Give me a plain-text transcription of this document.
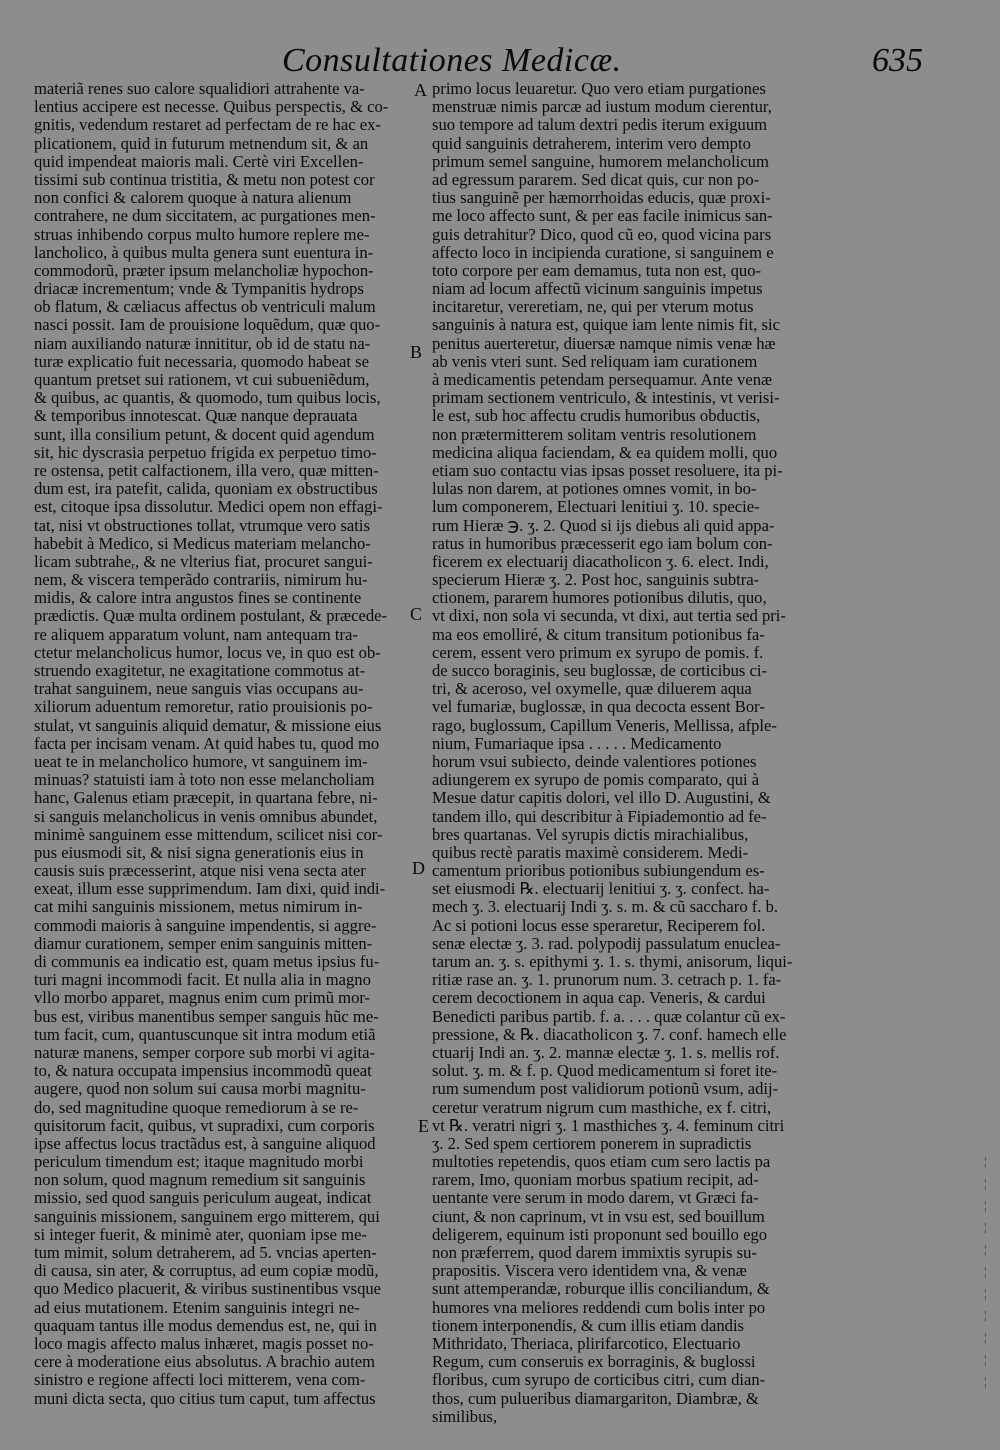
Consultationes Medicæ.	635
A
B
C
D
E
materiã renes suo calore squalidiori attrahente va-
lentius accipere est necesse. Quibus perspectis, & co-
gnitis, vedendum restaret ad perfectam de re hac ex-
plicationem, quid in futurum metnendum sit, & an
quid impendeat maioris mali. Certè viri Excellen-
tissimi sub continua tristitia, & metu non potest cor
non confici & calorem quoque à natura alienum
contrahere, ne dum siccitatem, ac purgationes men-
struas inhibendo corpus multo humore replere me-
lancholico, à quibus multa genera sunt euentura in-
commodorũ, prᴂter ipsum melancholiæ hypochon-
driacæ incrementum; vnde & Tympanitis hydrops
ob flatum, & cæliacus affectus ob ventriculi malum
nasci possit. Iam de prouisione loquẽdum, quæ quo-
niam auxiliando naturæ innititur, ob id de statu na-
turæ explicatio fuit necessaria, quomodo habeat se
quantum pretset sui rationem, vt cui subueniẽdum,
& quibus, ac quantis, & quomodo, tum quibus locis,
& temporibus innotescat. Quæ nanque deprauata
sunt, illa consilium petunt, & docent quid agendum
sit, hic dyscrasia perpetuo frigida ex perpetuo timo-
re ostensa, petit calfactionem, illa vero, quæ mitten-
dum est, ira patefit, calida, quoniam ex obstructibus
est, citoque ipsa dissolutur. Medici opem non effagi-
tat, nisi vt obstructiones tollat, vtrumque vero satis
habebit à Medico, si Medicus materiam melancho-
licam subtraheᵣ, & ne vlterius fiat, procuret sangui-
nem, & viscera temperãdo contrariis, nimirum hu-
midis, & calore intra angustos fines se continente
prædictis. Quæ multa ordinem postulant, & præcede-
re aliquem apparatum volunt, nam antequam tra-
ctetur melancholicus humor, locus ve, in quo est ob-
struendo exagitetur, ne exagitatione commotus at-
trahat sanguinem, neue sanguis vias occupans au-
xiliorum aduentum remoretur, ratio prouisionis po-
stulat, vt sanguinis aliquid dematur, & missione eius
facta per incisam venam. At quid habes tu, quod mo
ueat te in melancholico humore, vt sanguinem im-
minuas? statuisti iam à toto non esse melancholiam
hanc, Galenus etiam præcepit, in quartana febre, ni-
si sanguis melancholicus in venis omnibus abundet,
minimè sanguinem esse mittendum, scilicet nisi cor-
pus eiusmodi sit, & nisi signa generationis eius in
causis suis præcesserint, atque nisi vena secta ater
exeat, illum esse supprimendum. Iam dixi, quid indi-
cat mihi sanguinis missionem, metus nimirum in-
commodi maioris à sanguine impendentis, si aggre-
diamur curationem, semper enim sanguinis mitten-
di communis ea indicatio est, quam metus ipsius fu-
turi magni incommodi facit. Et nulla alia in magno
vllo morbo apparet, magnus enim cum primũ mor-
bus est, viribus manentibus semper sanguis hũc me-
tum facit, cum, quantuscunque sit intra modum etiã
naturæ manens, semper corpore sub morbi vi agita-
to, & natura occupata impensius incommodũ queat
augere, quod non solum sui causa morbi magnitu-
do, sed magnitudine quoque remediorum à se re-
quisitorum facit, quibus, vt supradixi, cum corporis
ipse affectus locus tractãdus est, à sanguine aliquod
periculum timendum est; itaque magnitudo morbi
non solum, quod magnum remedium sit sanguinis
missio, sed quod sanguis periculum augeat, indicat
sanguinis missionem, sanguinem ergo mitterem, qui
si integer fuerit, & minimè ater, quoniam ipse me-
tum mimit, solum detraherem, ad 5. vncias aperten-
di causa, sin ater, & corruptus, ad eum copiæ modũ,
quo Medico placuerit, & viribus sustinentibus vsque
ad eius mutationem. Etenim sanguinis integri ne-
quaquam tantus ille modus demendus est, ne, qui in
loco magis affecto malus inhæret, magis posset no-
cere à moderatione eius absolutus. A brachio autem
sinistro e regione affecti loci mitterem, vena com-
muni dicta secta, quo citius tum caput, tum affectus
primo locus leuaretur. Quo vero etiam purgationes
menstruæ nimis parcæ ad iustum modum cierentur,
suo tempore ad talum dextri pedis iterum exiguum
quid sanguinis detraherem, interim vero dempto
primum semel sanguine, humorem melancholicum
ad egressum pararem. Sed dicat quis, cur non po-
tius sanguinẽ per hæmorrhoidas educis, quæ proxi-
me loco affecto sunt, & per eas facile inimicus san-
guis detrahitur? Dico, quod cũ eo, quod vicina pars
affecto loco in incipienda curatione, si sanguinem e
toto corpore per eam demamus, tuta non est, quo-
niam ad locum affectũ vicinum sanguinis impetus
incitaretur, vereretiam, ne, qui per vterum motus
sanguinis à natura est, quique iam lente nimis fit, sic
penitus auerteretur, diuersæ namque nimis venæ hæ
ab venis vteri sunt. Sed reliquam iam curationem
à medicamentis petendam persequamur. Ante venæ
primam sectionem ventriculo, & intestinis, vt verisi-
le est, sub hoc affectu crudis humoribus obductis,
non prætermitterem solitam ventris resolutionem
medicina aliqua faciendam, & ea quidem molli, quo
etiam suo contactu vias ipsas posset resoluere, ita pi-
lulas non darem, at potiones omnes vomit, in bo-
lum componerem, Electuari lenitiui ʒ. 10. specie-
rum Hieræ ℈. ʒ. 2. Quod si ijs diebus ali quid appa-
ratus in humoribus præcesserit ego iam bolum con-
ficerem ex electuarij diacatholicon ʒ. 6. elect. Indi,
specierum Hieræ ʒ. 2. Post hoc, sanguinis subtra-
ctionem, pararem humores potionibus dilutis, quo,
vt dixi, non sola vi secunda, vt dixi, aut tertia sed pri-
ma eos emolliré, & citum transitum potionibus fa-
cerem, essent vero primum ex syrupo de pomis. f.
de succo boraginis, seu buglossæ, de corticibus ci-
tri, & aceroso, vel oxymelle, quæ diluerem aqua
vel fumariæ, buglossæ, in qua decocta essent Bor-
rago, buglossum, Capillum Veneris, Mellissa, afple-
nium, Fumariaque ipsa . . . . . Medicamento
horum vsui subiecto, deinde valentiores potiones
adiungerem ex syrupo de pomis comparato, qui à
Mesue datur capitis dolori, vel illo D. Augustini, &
tandem illo, qui describitur à Fipiademontio ad fe-
bres quartanas. Vel syrupis dictis mirachialibus,
quibus rectè paratis maximè considerem. Medi-
camentum prioribus potionibus subiungendum es-
set eiusmodi ℞. electuarij lenitiui ʒ. ʒ. confect. ha-
mech ʒ. 3. electuarij Indi ʒ. s. m. & cũ saccharo f. b.
Ac si potioni locus esse speraretur, Reciperem fol.
senæ electæ ʒ. 3. rad. polypodij passulatum enuclea-
tarum an. ʒ. s. epithymi ʒ. 1. s. thymi, anisorum, liqui-
ritiæ rase an. ʒ. 1. prunorum num. 3. cetrach p. 1. fa-
cerem decoctionem in aqua cap. Veneris, & cardui
Benedicti paribus partib. f. a. . . . quæ colantur cũ ex-
pressione, & ℞. diacatholicon ʒ. 7. conf. hamech elle
ctuarij Indi an. ʒ. 2. mannæ electæ ʒ. 1. s. mellis rof.
solut. ʒ. m. & f. p. Quod medicamentum si foret ite-
rum sumendum post validiorum potionũ vsum, adij-
ceretur veratrum nigrum cum masthiche, ex f. citri,
vt ℞. veratri nigri ʒ. 1 masthiches ʒ. 4. feminum citri
ʒ. 2. Sed spem certiorem ponerem in supradictis
multoties repetendis, quos etiam cum sero lactis pa
rarem, Imo, quoniam morbus spatium recipit, ad-
uentante vere serum in modo darem, vt Græci fa-
ciunt, & non caprinum, vt in vsu est, sed bouillum
deligerem, equinum isti proponunt sed bouillo ego
non præferrem, quod darem immixtis syrupis su-
prapositis. Viscera vero identidem vna, & venæ
sunt attemperandæ, roburque illis conciliandum, &
humores vna meliores reddendi cum bolis inter po
tionem interponendis, & cum illis etiam dandis
Mithridato, Theriaca, plirifarcotico, Electuario
Regum, cum conseruis ex borraginis, & buglossi
floribus, cum syrupo de corticibus citri, cum dian-
thos, cum pulueribus diamargariton, Diambræ, &
similibus,
¦
¦
¦
¦
¦
¦
¦
¦
¦
¦
¦
